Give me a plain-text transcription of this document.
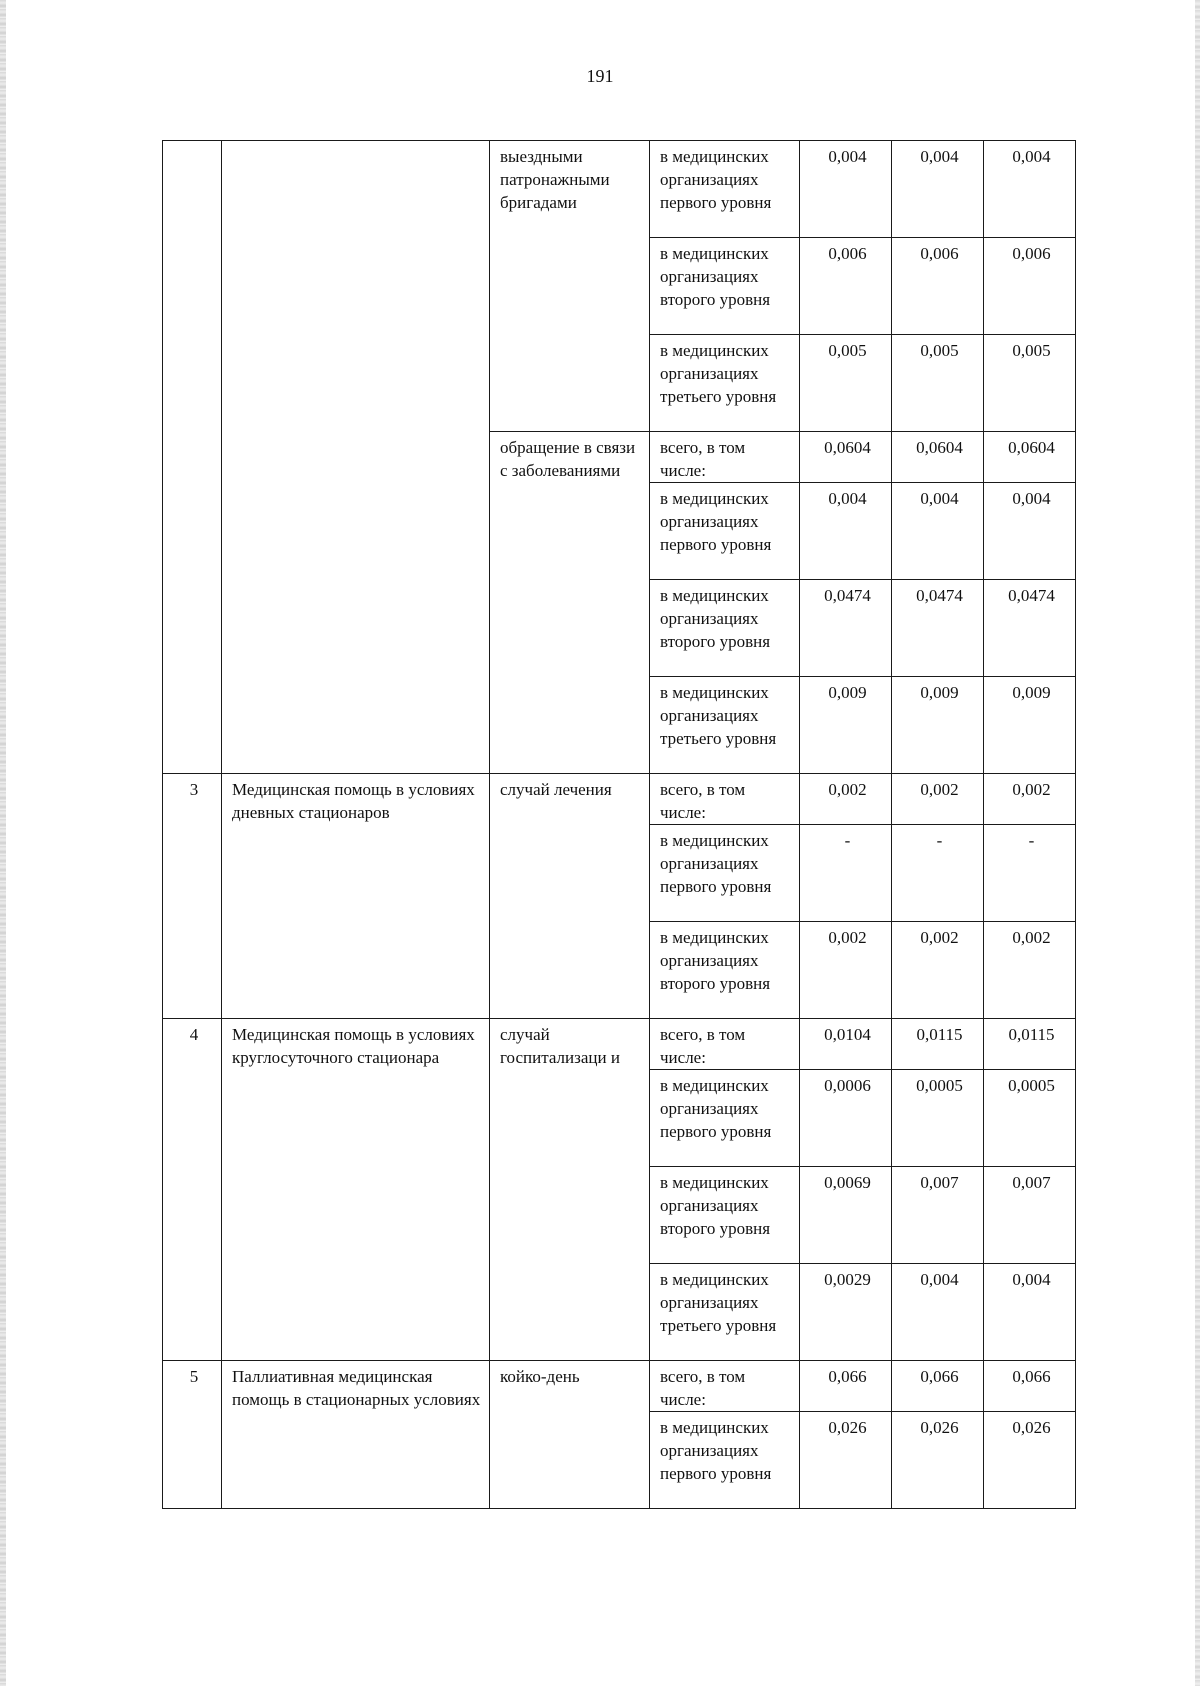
191
		выездными патронажными бригадами	в медицинских организациях первого уровня	0,004	0,004	0,004
			в медицинских организациях второго уровня	0,006	0,006	0,006
			в медицинских организациях третьего уровня	0,005	0,005	0,005
		обращение в связи с заболеваниями	всего, в том числе:	0,0604	0,0604	0,0604
			в медицинских организациях первого уровня	0,004	0,004	0,004
			в медицинских организациях второго уровня	0,0474	0,0474	0,0474
			в медицинских организациях третьего уровня	0,009	0,009	0,009
3	Медицинская помощь в условиях дневных стационаров	случай лечения	всего, в том числе:	0,002	0,002	0,002
			в медицинских организациях первого уровня	-	-	-
			в медицинских организациях второго уровня	0,002	0,002	0,002
4	Медицинская помощь в условиях круглосуточного стационара	случай госпитализаци и	всего, в том числе:	0,0104	0,0115	0,0115
			в медицинских организациях первого уровня	0,0006	0,0005	0,0005
			в медицинских организациях второго уровня	0,0069	0,007	0,007
			в медицинских организациях третьего уровня	0,0029	0,004	0,004
5	Паллиативная медицинская помощь в стационарных условиях	койко-день	всего, в том числе:	0,066	0,066	0,066
			в медицинских организациях первого уровня	0,026	0,026	0,026
